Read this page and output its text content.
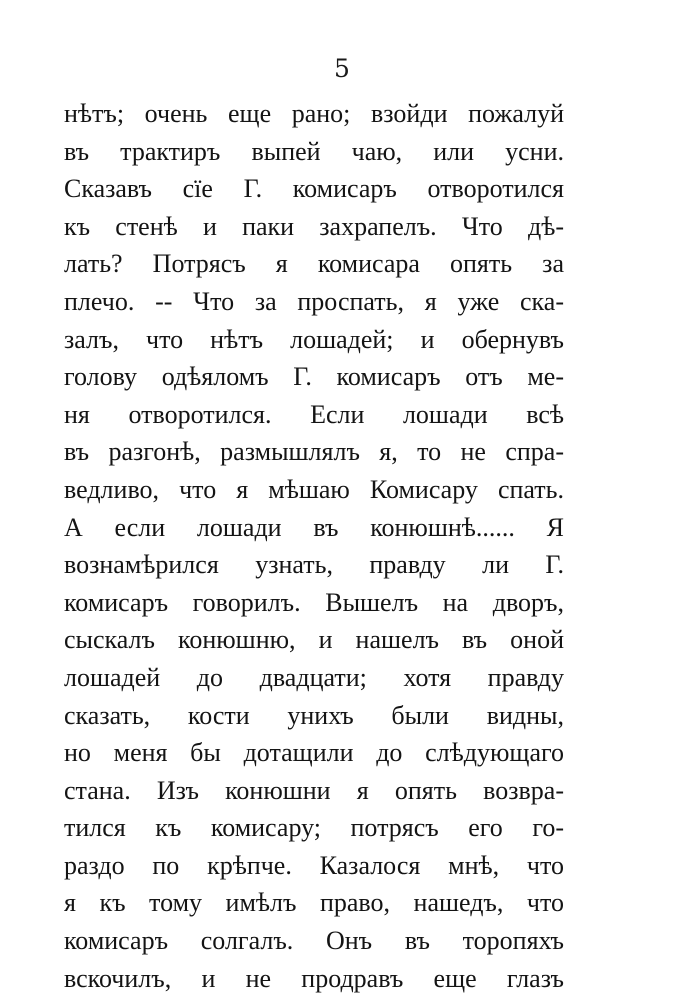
5
нѣтъ; очень еще рано; взойди пожалуй
въ трактиръ выпей чаю, или усни.
Сказавъ сїе Г. комисаръ отворотился
къ стенѣ и паки захрапелъ. Что дѣ-
лать? Потрясъ я комисара опять за
плечо. -- Что за проспать, я уже ска-
залъ, что нѣтъ лошадей; и обернувъ
голову одѣяломъ Г. комисаръ отъ ме-
ня отворотился. Если лошади всѣ
въ разгонѣ, размышлялъ я, то не спра-
ведливо, что я мѣшаю Комисару спать.
А если лошади въ конюшнѣ...... Я
вознамѣрился узнать, правду ли Г.
комисаръ говорилъ. Вышелъ на дворъ,
сыскалъ конюшню, и нашелъ въ оной
лошадей до двадцати; хотя правду
сказать, кости унихъ были видны,
но меня бы дотащили до слѣдующаго
стана. Изъ конюшни я опять возвра-
тился къ комисару; потрясъ его го-
раздо по крѣпче. Казалося мнѣ, что
я къ тому имѣлъ право, нашедъ, что
комисаръ солгалъ. Онъ въ торопяхъ
вскочилъ, и не продравъ еще глазъ
